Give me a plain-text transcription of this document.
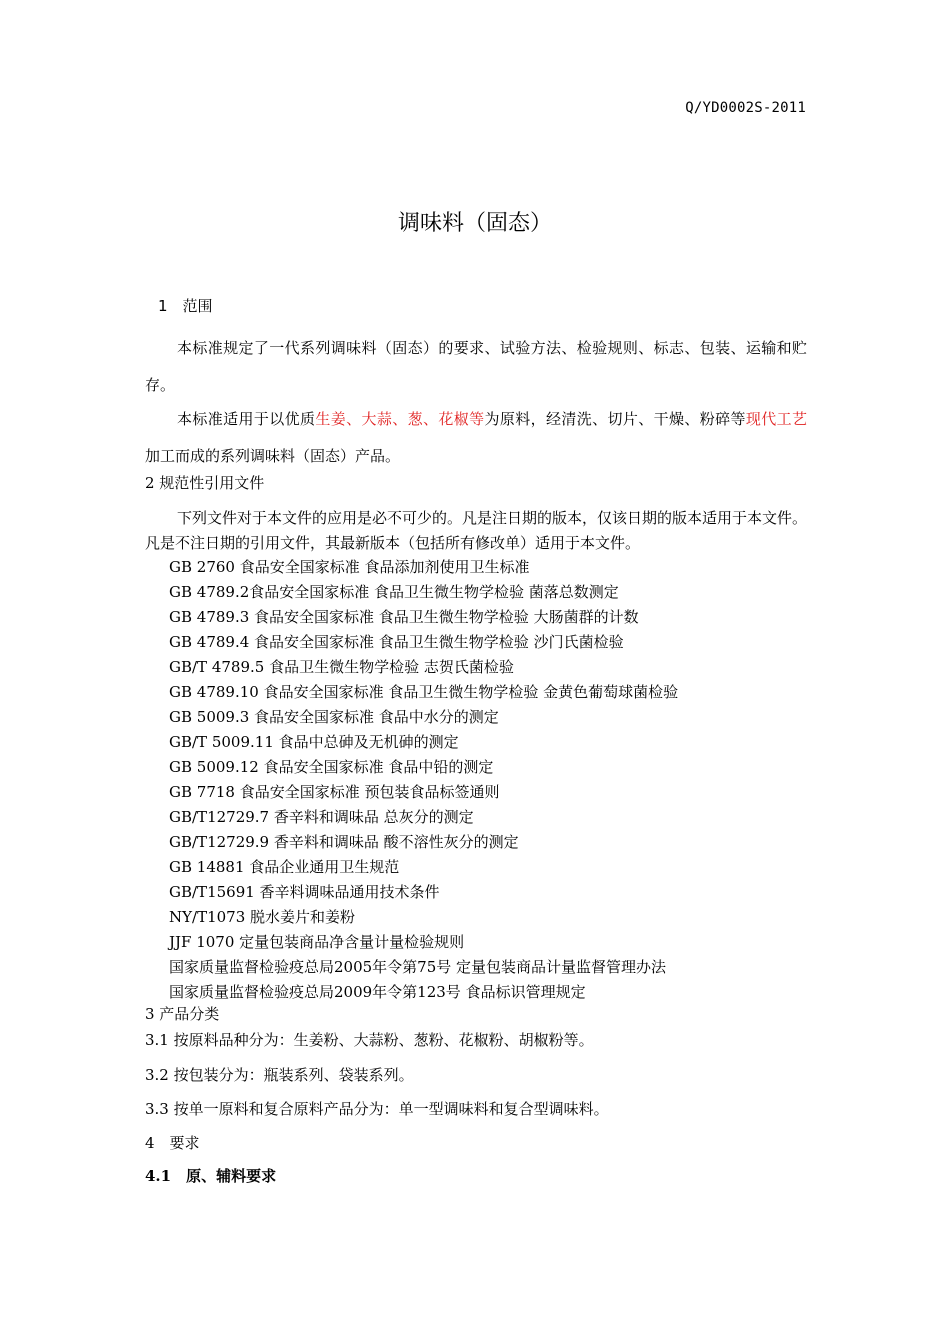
Q/YD0002S-2011
调味料（固态）
1　范围
本标准规定了一代系列调味料（固态）的要求、试验方法、检验规则、标志、包装、运输和贮存。
本标准适用于以优质生姜、大蒜、葱、花椒等为原料，经清洗、切片、干燥、粉碎等现代工艺加工而成的系列调味料（固态）产品。
2 规范性引用文件
下列文件对于本文件的应用是必不可少的。凡是注日期的版本，仅该日期的版本适用于本文件。凡是不注日期的引用文件，其最新版本（包括所有修改单）适用于本文件。
GB 2760 食品安全国家标准 食品添加剂使用卫生标准
GB 4789.2食品安全国家标准 食品卫生微生物学检验 菌落总数测定
GB 4789.3 食品安全国家标准 食品卫生微生物学检验 大肠菌群的计数
GB 4789.4 食品安全国家标准 食品卫生微生物学检验 沙门氏菌检验
GB/T 4789.5 食品卫生微生物学检验 志贺氏菌检验
GB 4789.10 食品安全国家标准 食品卫生微生物学检验 金黄色葡萄球菌检验
GB 5009.3 食品安全国家标准 食品中水分的测定
GB/T 5009.11 食品中总砷及无机砷的测定
GB 5009.12 食品安全国家标准 食品中铅的测定
GB 7718 食品安全国家标准 预包装食品标签通则
GB/T12729.7 香辛料和调味品 总灰分的测定
GB/T12729.9 香辛料和调味品 酸不溶性灰分的测定
GB 14881 食品企业通用卫生规范
GB/T15691 香辛料调味品通用技术条件
NY/T1073 脱水姜片和姜粉
JJF 1070 定量包装商品净含量计量检验规则
国家质量监督检验疫总局2005年令第75号 定量包装商品计量监督管理办法
国家质量监督检验疫总局2009年令第123号 食品标识管理规定
3 产品分类
3.1 按原料品种分为：生姜粉、大蒜粉、葱粉、花椒粉、胡椒粉等。
3.2 按包装分为：瓶装系列、袋装系列。
3.3 按单一原料和复合原料产品分为：单一型调味料和复合型调味料。
4　要求
4.1　原、辅料要求
